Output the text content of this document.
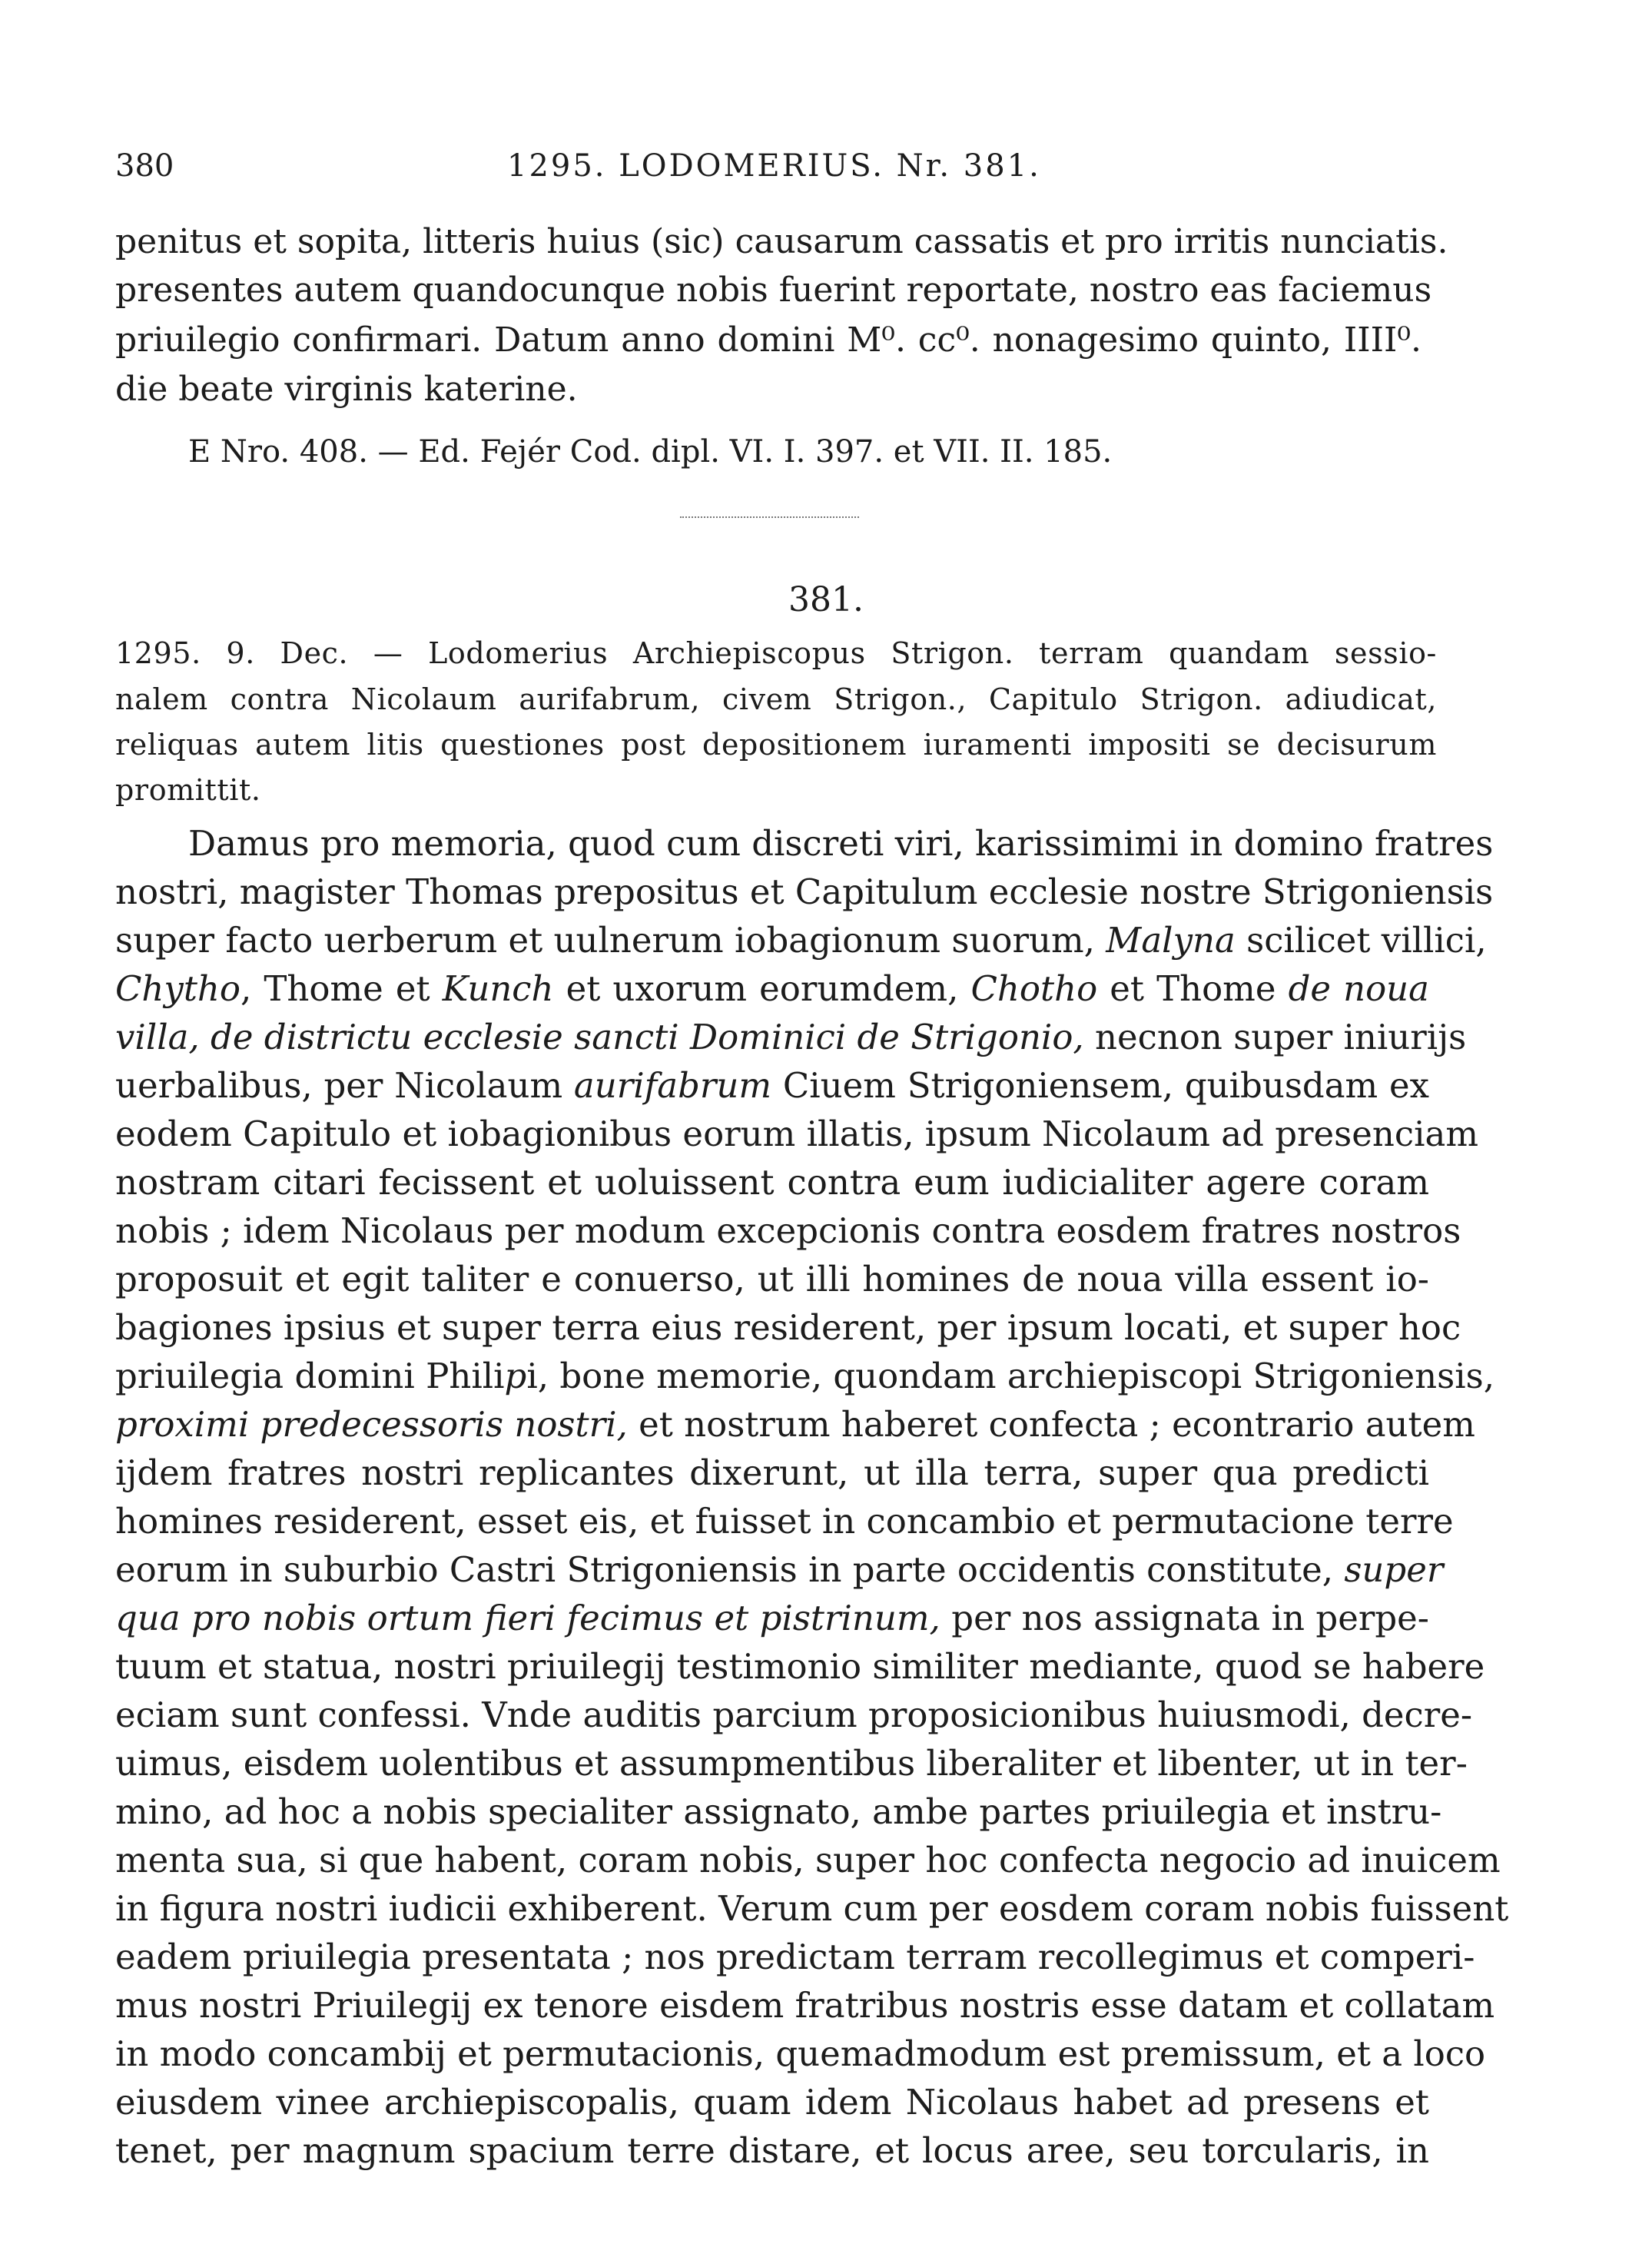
380	1295. LODOMERIUS. Nr. 381.
penitus et sopita, litteris huius (sic) causarum cassatis et pro irritis nunciatis.
presentes autem quandocunque nobis fuerint reportate, nostro eas faciemus
priuilegio confirmari. Datum anno domini M⁰. cc⁰. nonagesimo quinto, IIII⁰.
die beate virginis katerine.
E Nro. 408. — Ed. Fejér Cod. dipl. VI. I. 397. et VII. II. 185.
381.
1295. 9. Dec. — Lodomerius Archiepiscopus Strigon. terram quandam sessio-
nalem contra Nicolaum aurifabrum, civem Strigon., Capitulo Strigon. adiudicat,
reliquas autem litis questiones post depositionem iuramenti impositi se decisurum
promittit.
Damus pro memoria, quod cum discreti viri, karissimimi in domino fratres
nostri, magister Thomas prepositus et Capitulum ecclesie nostre Strigoniensis
super facto uerberum et uulnerum iobagionum suorum, Malyna scilicet villici,
Chytho, Thome et Kunch et uxorum eorumdem, Chotho et Thome de noua
villa, de districtu ecclesie sancti Dominici de Strigonio, necnon super iniurijs
uerbalibus, per Nicolaum aurifabrum Ciuem Strigoniensem, quibusdam ex
eodem Capitulo et iobagionibus eorum illatis, ipsum Nicolaum ad presenciam
nostram citari fecissent et uoluissent contra eum iudicialiter agere coram
nobis ; idem Nicolaus per modum excepcionis contra eosdem fratres nostros
proposuit et egit taliter e conuerso, ut illi homines de noua villa essent io-
bagiones ipsius et super terra eius residerent, per ipsum locati, et super hoc
priuilegia domini Philipi, bone memorie, quondam archiepiscopi Strigoniensis,
proximi predecessoris nostri, et nostrum haberet confecta ; econtrario autem
ijdem fratres nostri replicantes dixerunt, ut illa terra, super qua predicti
homines residerent, esset eis, et fuisset in concambio et permutacione terre
eorum in suburbio Castri Strigoniensis in parte occidentis constitute, super
qua pro nobis ortum fieri fecimus et pistrinum, per nos assignata in perpe-
tuum et statua, nostri priuilegij testimonio similiter mediante, quod se habere
eciam sunt confessi. Vnde auditis parcium proposicionibus huiusmodi, decre-
uimus, eisdem uolentibus et assumpmentibus liberaliter et libenter, ut in ter-
mino, ad hoc a nobis specialiter assignato, ambe partes priuilegia et instru-
menta sua, si que habent, coram nobis, super hoc confecta negocio ad inuicem
in figura nostri iudicii exhiberent. Verum cum per eosdem coram nobis fuissent
eadem priuilegia presentata ; nos predictam terram recollegimus et comperi-
mus nostri Priuilegij ex tenore eisdem fratribus nostris esse datam et collatam
in modo concambij et permutacionis, quemadmodum est premissum, et a loco
eiusdem vinee archiepiscopalis, quam idem Nicolaus habet ad presens et
tenet, per magnum spacium terre distare, et locus aree, seu torcularis, in
